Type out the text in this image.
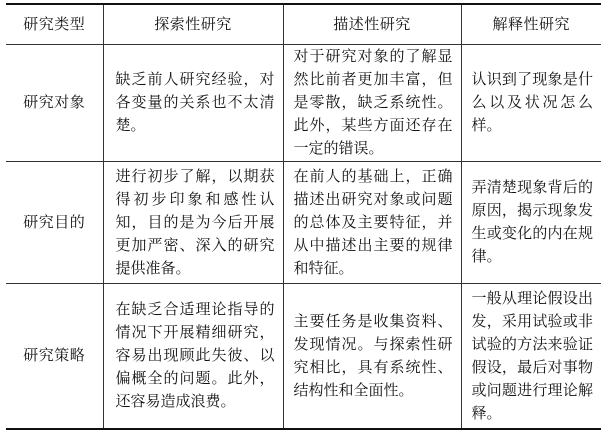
研究类型	探索性研究	描述性研究	解释性研究
研究对象	缺乏前人研究经验，对各变量的关系也不太清楚。	对于研究对象的了解显然比前者更加丰富，但是零散，缺乏系统性。此外，某些方面还存在一定的错误。	认识到了现象是什么以及状况怎么样。

研究目的	进行初步了解，以期获得初步印象和感性认知，目的是为今后开展更加严密、深入的研究提供准备。	在前人的基础上，正确描述出研究对象或问题的总体及主要特征，并从中描述出主要的规律和特征。	弄清楚现象背后的原因，揭示现象发生或变化的内在规律。

研究策略	在缺乏合适理论指导的情况下开展精细研究，容易出现顾此失彼、以偏概全的问题。此外，还容易造成浪费。	主要任务是收集资料、发现情况。与探索性研究相比，具有系统性、结构性和全面性。	一般从理论假设出发，采用试验或非试验的方法来验证假设，最后对事物或问题进行理论解释。
